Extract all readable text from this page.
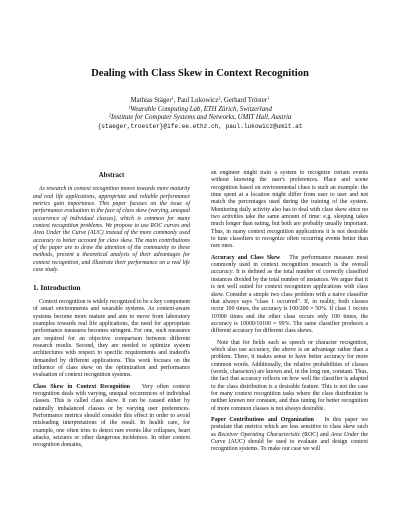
Dealing with Class Skew in Context Recognition
Mathias Stäger$^1$, Paul Lukowicz$^2$, Gerhard Tröster$^1$
$^1$Wearable Computing Lab, ETH Zürich, Switzerland
$^2$Institute for Computer Systems and Networks, UMIT Hall, Austria
{staeger,troester}@ife.ee.ethz.ch, paul.lukowicz@umit.at
Abstract

As research in context recognition moves towards more maturity and real life applications, appropriate and reliable performance metrics gain importance. This paper focuses on the issue of performance evaluation in the face of class skew (varying, unequal occurrence of individual classes), which is common for many context recognition problems. We propose to use ROC curves and Area Under the Curve (AUC) instead of the more commonly used accuracy to better account for class skew. The main contributions of the paper are to draw the attention of the community to these methods, present a theoretical analysis of their advantages for context recognition, and illustrate their performance on a real life case study.

1. Introduction

Context recognition is widely recognized to be a key component of smart environments and wearable systems. As context-aware systems become more mature and aim to move from laboratory examples towards real life applications, the need for appropriate performance measures becomes stringent. For one, such measures are required for an objective comparison between different research results. Second, they are needed to optimize system architectures with respect to specific requirements and tradeoffs demanded by different applications. This work focuses on the influence of class skew on the optimization and performance evaluation of context recognition systems.

Class Skew in Context Recognition Very often context recognition deals with varying, unequal occurrences of individual classes. This is called class skew. It can be caused either by naturally imbalanced classes or by varying user preferences. Performance metrics should consider this effect in order to avoid misleading interpretations of the result. In health care, for example, one often tries to detect rare events like collapses, heart attacks, seizures or other dangerous incidences. In other context recognition domains,

an engineer might train a system to recognize certain events without knowing the user's preferences. Place and scene recognition based on environmental clues is such an example: the time spent at a location might differ from user to user and not match the percentages used during the training of the system. Monitoring daily activity also has to deal with class skew since no two activities take the same amount of time: e.g. sleeping takes much longer than eating, but both are probably usually important. Thus, in many context recognition applications it is not desirable to tune classifiers to recognize often occurring events better than rare ones.

Accuracy and Class Skew The performance measure most commonly used in context recognition research is the overall accuracy. It is defined as the total number of correctly classified instances divided by the total number of instances. We argue that it is not well suited for context recognition applications with class skew. Consider a simple two class problem with a naive classifier that always says "class 1 occurred". If, in reality, both classes occur 100 times, the accuracy is 100/200 = 50%. If class 1 occurs 10'000 times and the other class occurs only 100 times, the accuracy is 10000/10100 ≈ 99%. The same classifier produces a different accuracy for different class skews.

Note that for fields such as speech or character recognition, which also use accuracy, the above is an advantage rather than a problem. There, it makes sense to have better accuracy for more common words. Additionally, the relative probabilities of classes (words, characters) are known and, in the long run, constant. Thus, the fact that accuracy reflects on how well the classifier is adapted to the class distribution is a desirable feature. This is not the case for many context recognition tasks where the class distribution is neither known nor constant, and thus tuning for better recognition of more common classes is not always desirable.

Paper Contributions and Organization In this paper we postulate that metrics which are less sensitive to class skew such as Receiver Operating Characteristic (ROC) and Area Under the Curve (AUC) should be used to evaluate and design context recognition systems. To make our case we will
